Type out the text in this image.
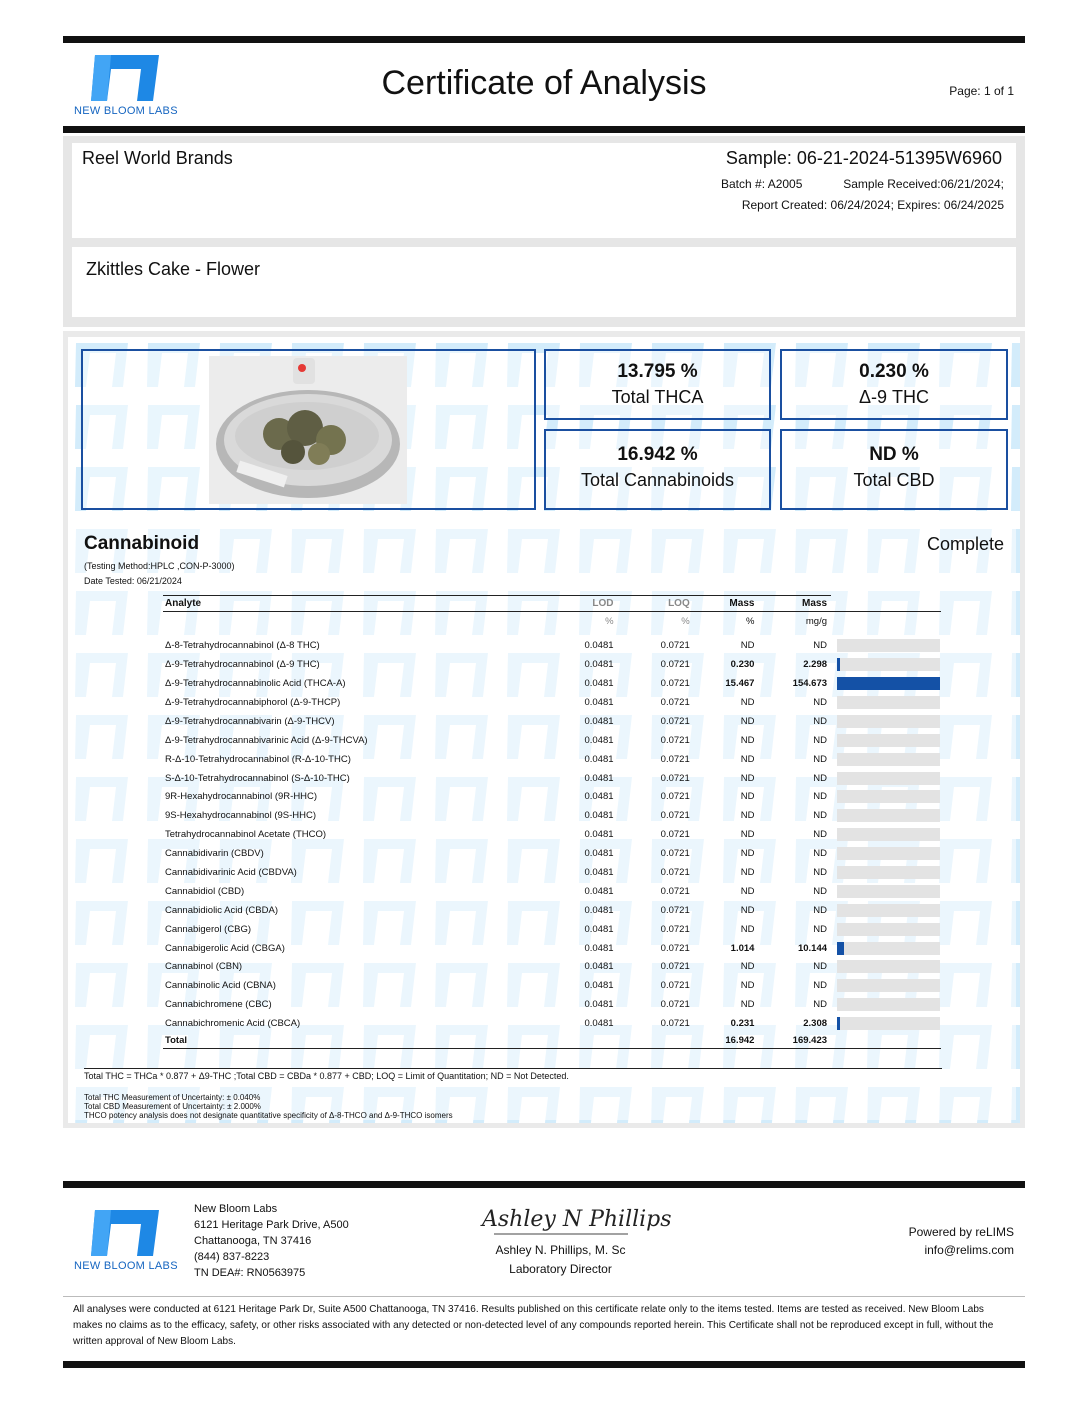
NEW BLOOM LABS
Certificate of Analysis	Page: 1 of 1
Reel World Brands	Sample: 06-21-2024-51395W6960
Batch #: A2005	Sample Received:06/21/2024;
Report Created: 06/24/2024; Expires: 06/24/2025
Zkittles Cake - Flower
13.795 %
Total THCA
0.230 %
Δ-9 THC
16.942 %
Total Cannabinoids
ND %
Total CBD
Cannabinoid	Complete
(Testing Method:HPLC ,CON-P-3000)
Date Tested: 06/21/2024
Analyte	LOD	LOQ	Mass	Mass	
	%	%	%	mg/g	

Δ-8-Tetrahydrocannabinol (Δ-8 THC)	0.0481	0.0721	ND	ND	

Δ-9-Tetrahydrocannabinol (Δ-9 THC)	0.0481	0.0721	0.230	2.298	

Δ-9-Tetrahydrocannabinolic Acid (THCA-A)	0.0481	0.0721	15.467	154.673	

Δ-9-Tetrahydrocannabiphorol (Δ-9-THCP)	0.0481	0.0721	ND	ND	

Δ-9-Tetrahydrocannabivarin (Δ-9-THCV)	0.0481	0.0721	ND	ND	

Δ-9-Tetrahydrocannabivarinic Acid (Δ-9-THCVA)	0.0481	0.0721	ND	ND	

R-Δ-10-Tetrahydrocannabinol (R-Δ-10-THC)	0.0481	0.0721	ND	ND	

S-Δ-10-Tetrahydrocannabinol (S-Δ-10-THC)	0.0481	0.0721	ND	ND	

9R-Hexahydrocannabinol (9R-HHC)	0.0481	0.0721	ND	ND	

9S-Hexahydrocannabinol (9S-HHC)	0.0481	0.0721	ND	ND	

Tetrahydrocannabinol Acetate (THCO)	0.0481	0.0721	ND	ND	

Cannabidivarin (CBDV)	0.0481	0.0721	ND	ND	

Cannabidivarinic Acid (CBDVA)	0.0481	0.0721	ND	ND	

Cannabidiol (CBD)	0.0481	0.0721	ND	ND	

Cannabidiolic Acid (CBDA)	0.0481	0.0721	ND	ND	

Cannabigerol (CBG)	0.0481	0.0721	ND	ND	

Cannabigerolic Acid (CBGA)	0.0481	0.0721	1.014	10.144	

Cannabinol (CBN)	0.0481	0.0721	ND	ND	

Cannabinolic Acid (CBNA)	0.0481	0.0721	ND	ND	

Cannabichromene (CBC)	0.0481	0.0721	ND	ND	

Cannabichromenic Acid (CBCA)	0.0481	0.0721	0.231	2.308	

Total			16.942	169.423	
Total THC = THCa * 0.877 + Δ9-THC ;Total CBD = CBDa * 0.877 + CBD; LOQ = Limit of Quantitation; ND = Not Detected.
Total THC Measurement of Uncertainty: ± 0.040%
Total CBD Measurement of Uncertainty: ± 2.000%
THCO potency analysis does not designate quantitative specificity of Δ-8-THCO and Δ-9-THCO isomers
NEW BLOOM LABS
New Bloom Labs
6121 Heritage Park Drive, A500
Chattanooga, TN 37416
(844) 837-8223
TN DEA#: RN0563975
Ashley N Phillips
Ashley N. Phillips, M. Sc
Laboratory Director
Powered by reLIMS
info@relims.com
All analyses were conducted at 6121 Heritage Park Dr, Suite A500 Chattanooga, TN 37416. Results published on this certificate relate only to the items tested. Items are tested as received. New Bloom Labs makes no claims as to the efficacy, safety, or other risks associated with any detected or non-detected level of any compounds reported herein. This Certificate shall not be reproduced except in full, without the written approval of New Bloom Labs.
